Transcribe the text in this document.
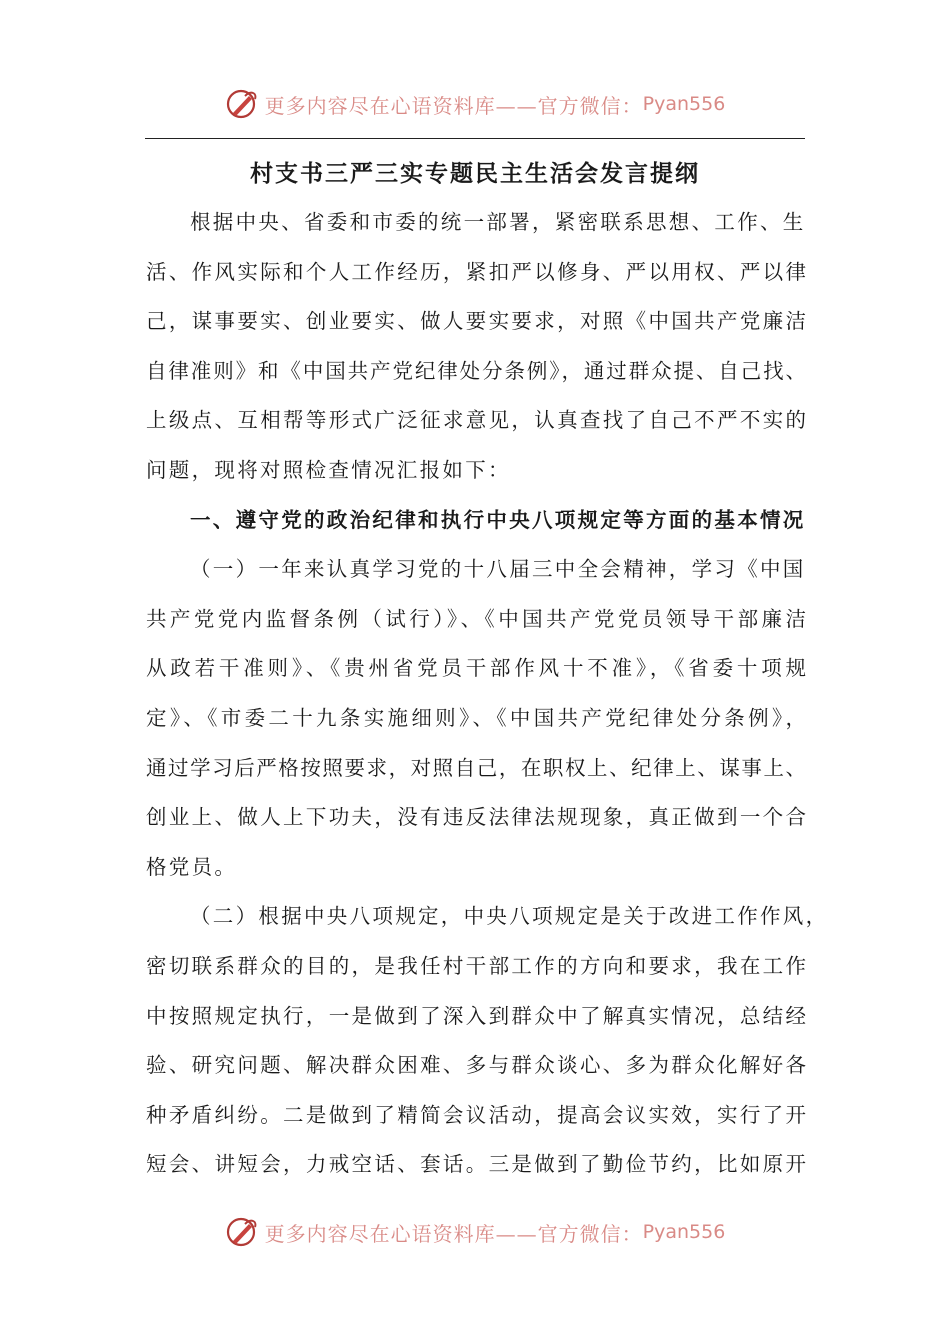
更多内容尽在心语资料库——官方微信： Pyan556
村支书三严三实专题民主生活会发言提纲
根据中央、省委和市委的统一部署，紧密联系思想、工作、生
活、作风实际和个人工作经历，紧扣严以修身、严以用权、严以律
己，谋事要实、创业要实、做人要实要求，对照《中国共产党廉洁
自律准则》和《中国共产党纪律处分条例》，通过群众提、自己找、
上级点、互相帮等形式广泛征求意见，认真查找了自己不严不实的
问题，现将对照检查情况汇报如下：
一、遵守党的政治纪律和执行中央八项规定等方面的基本情况
（一）一年来认真学习党的十八届三中全会精神，学习《中国
共产党党内监督条例（试行）》、《中国共产党党员领导干部廉洁
从政若干准则》、《贵州省党员干部作风十不准》，《省委十项规
定》、《市委二十九条实施细则》、《中国共产党纪律处分条例》，
通过学习后严格按照要求，对照自己，在职权上、纪律上、谋事上、
创业上、做人上下功夫，没有违反法律法规现象，真正做到一个合
格党员。
（二）根据中央八项规定，中央八项规定是关于改进工作作风，
密切联系群众的目的，是我任村干部工作的方向和要求，我在工作
中按照规定执行，一是做到了深入到群众中了解真实情况，总结经
验、研究问题、解决群众困难、多与群众谈心、多为群众化解好各
种矛盾纠纷。二是做到了精简会议活动，提高会议实效，实行了开
短会、讲短会，力戒空话、套话。三是做到了勤俭节约，比如原开
更多内容尽在心语资料库——官方微信： Pyan556
